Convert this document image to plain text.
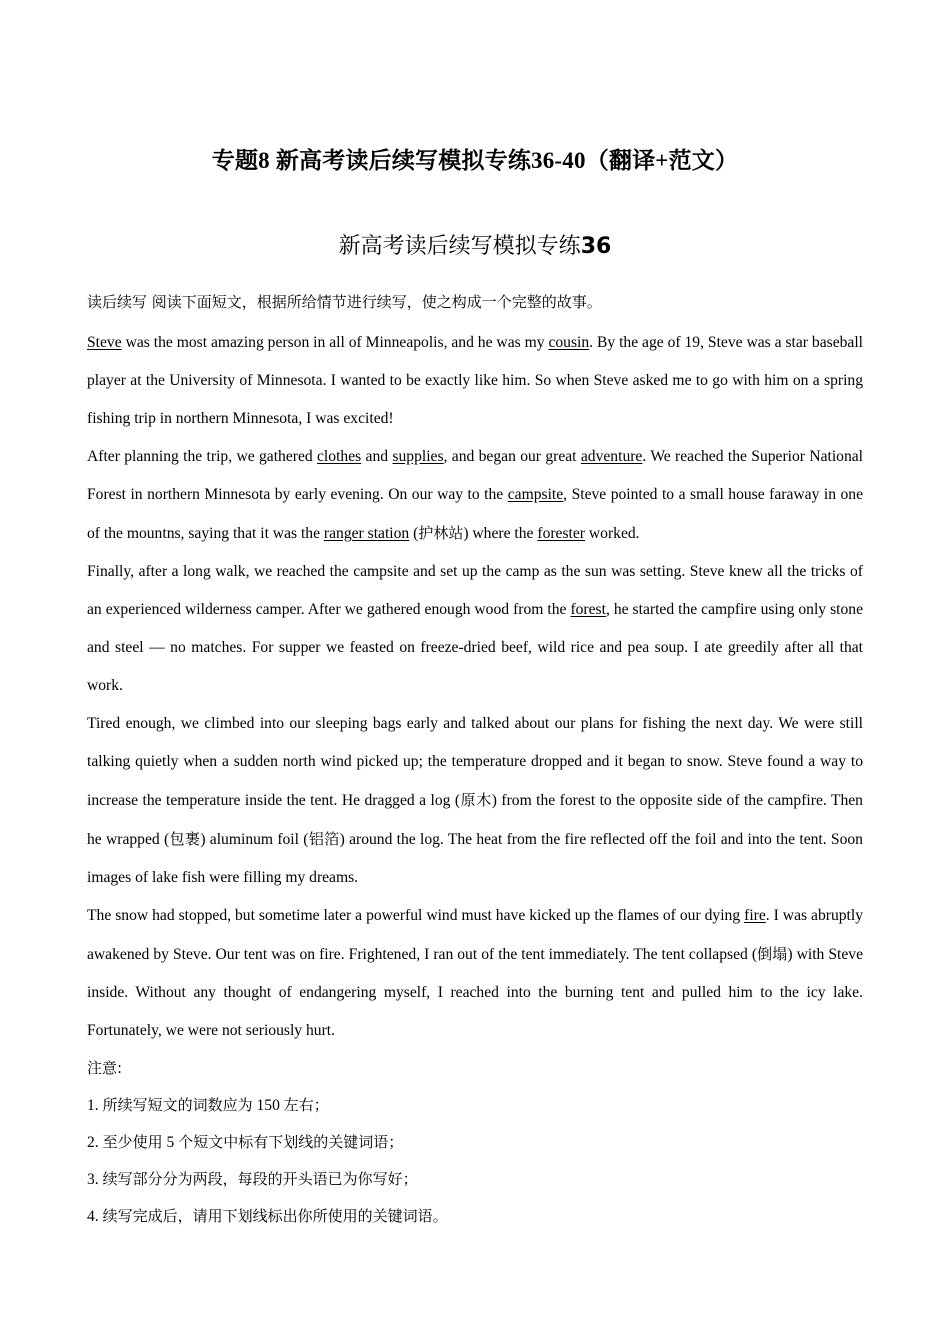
专题8 新高考读后续写模拟专练36-40（翻译+范文）
新高考读后续写模拟专练36

读后续写 阅读下面短文，根据所给情节进行续写，使之构成一个完整的故事。

Steve was the most amazing person in all of Minneapolis, and he was my cousin. By the age of 19, Steve was a star baseball player at the University of Minnesota. I wanted to be exactly like him. So when Steve asked me to go with him on a spring fishing trip in northern Minnesota, I was excited!

After planning the trip, we gathered clothes and supplies, and began our great adventure. We reached the Superior National Forest in northern Minnesota by early evening. On our way to the campsite, Steve pointed to a small house faraway in one of the mountns, saying that it was the ranger station (护林站) where the forester worked.

Finally, after a long walk, we reached the campsite and set up the camp as the sun was setting. Steve knew all the tricks of an experienced wilderness camper. After we gathered enough wood from the forest, he started the campfire using only stone and steel — no matches. For supper we feasted on freeze-dried beef, wild rice and pea soup. I ate greedily after all that work.

Tired enough, we climbed into our sleeping bags early and talked about our plans for fishing the next day. We were still talking quietly when a sudden north wind picked up; the temperature dropped and it began to snow. Steve found a way to increase the temperature inside the tent. He dragged a log (原木) from the forest to the opposite side of the campfire. Then he wrapped (包裹) aluminum foil (铝箔) around the log. The heat from the fire reflected off the foil and into the tent. Soon images of lake fish were filling my dreams.

The snow had stopped, but sometime later a powerful wind must have kicked up the flames of our dying fire. I was abruptly awakened by Steve. Our tent was on fire. Frightened, I ran out of the tent immediately. The tent collapsed (倒塌) with Steve inside. Without any thought of endangering myself, I reached into the burning tent and pulled him to the icy lake. Fortunately, we were not seriously hurt.

注意:

1. 所续写短文的词数应为 150 左右；

2. 至少使用 5 个短文中标有下划线的关键词语；

3. 续写部分分为两段，每段的开头语已为你写好；

4. 续写完成后，请用下划线标出你所使用的关键词语。
